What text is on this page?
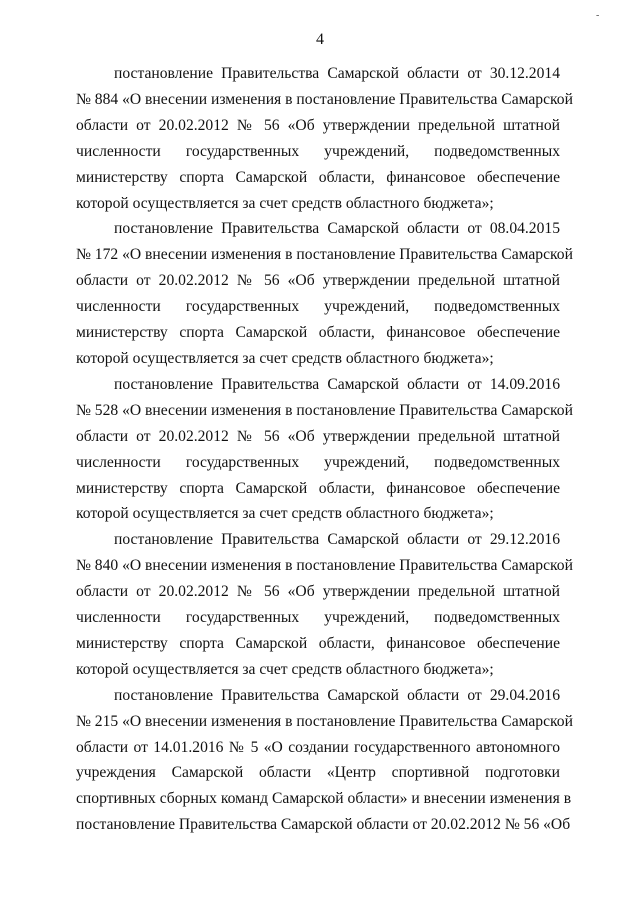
4
-

постановление Правительства Самарской области от 30.12.2014
№ 884 «О внесении изменения в постановление Правительства Самарской
области от 20.02.2012 № 56 «Об утверждении предельной штатной
численности государственных учреждений, подведомственных
министерству спорта Самарской области, финансовое обеспечение
которой осуществляется за счет средств областного бюджета»;

постановление Правительства Самарской области от 08.04.2015
№ 172 «О внесении изменения в постановление Правительства Самарской
области от 20.02.2012 № 56 «Об утверждении предельной штатной
численности государственных учреждений, подведомственных
министерству спорта Самарской области, финансовое обеспечение
которой осуществляется за счет средств областного бюджета»;

постановление Правительства Самарской области от 14.09.2016
№ 528 «О внесении изменения в постановление Правительства Самарской
области от 20.02.2012 № 56 «Об утверждении предельной штатной
численности государственных учреждений, подведомственных
министерству спорта Самарской области, финансовое обеспечение
которой осуществляется за счет средств областного бюджета»;

постановление Правительства Самарской области от 29.12.2016
№ 840 «О внесении изменения в постановление Правительства Самарской
области от 20.02.2012 № 56 «Об утверждении предельной штатной
численности государственных учреждений, подведомственных
министерству спорта Самарской области, финансовое обеспечение
которой осуществляется за счет средств областного бюджета»;

постановление Правительства Самарской области от 29.04.2016
№ 215 «О внесении изменения в постановление Правительства Самарской
области от 14.01.2016 № 5 «О создании государственного автономного
учреждения Самарской области «Центр спортивной подготовки
спортивных сборных команд Самарской области» и внесении изменения в
постановление Правительства Самарской области от 20.02.2012 № 56 «Об
